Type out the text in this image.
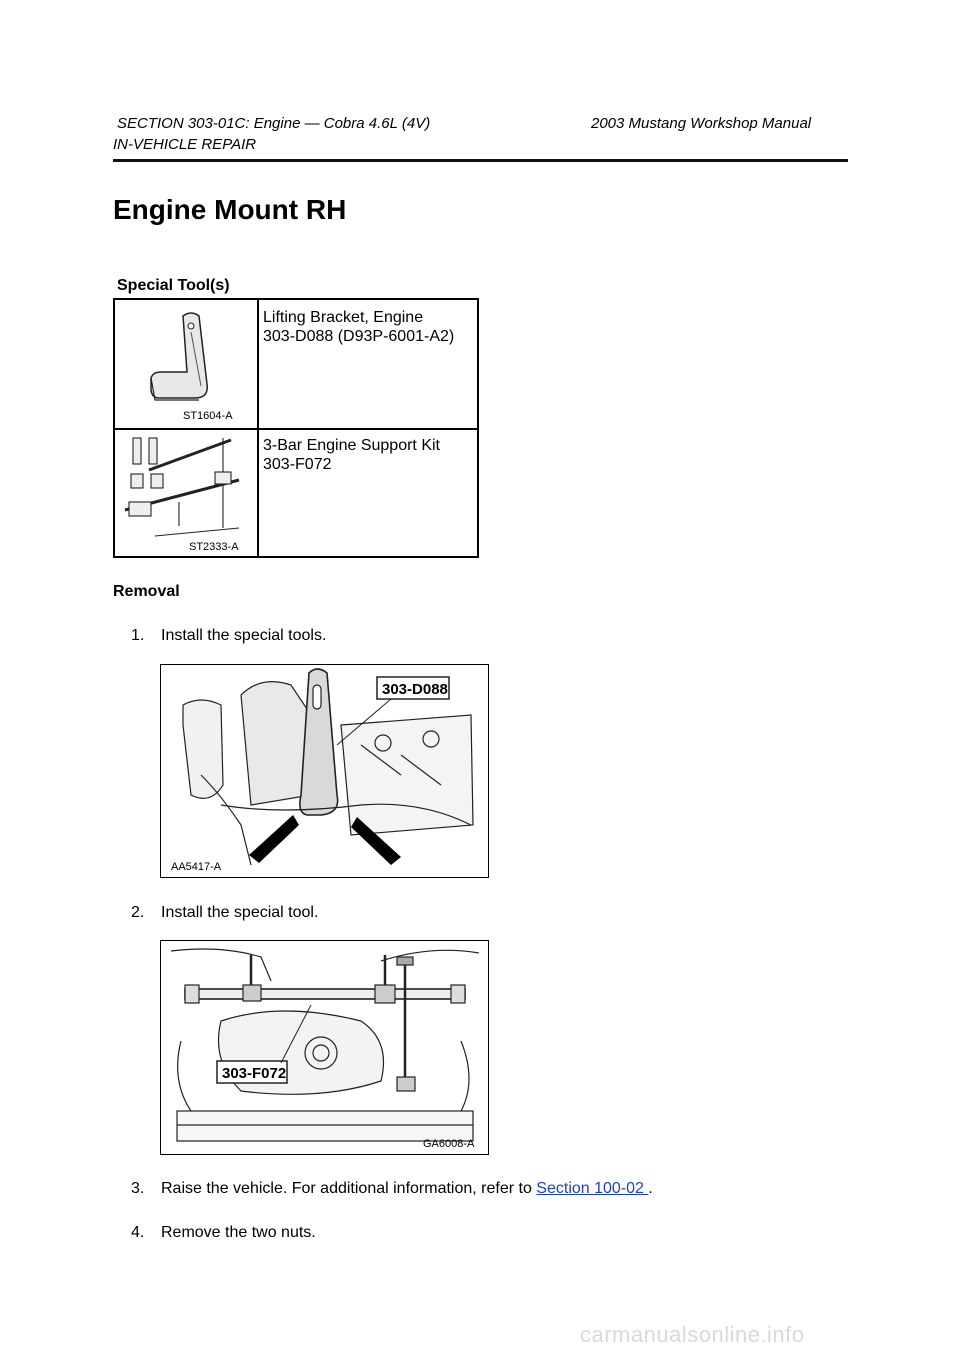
SECTION 303-01C: Engine — Cobra 4.6L (4V)	2003 Mustang Workshop Manual
IN-VEHICLE REPAIR
Engine Mount RH
Special Tool(s)
ST1604-A
Lifting Bracket, Engine
303-D088 (D93P-6001-A2)
ST2333-A
3-Bar Engine Support Kit
303-F072
Removal
1. Install the special tools.
303-D088
AA5417-A
2. Install the special tool.
303-F072
GA6008-A
3. Raise the vehicle. For additional information, refer to Section 100-02 .
4. Remove the two nuts.
carmanualsonline.info
